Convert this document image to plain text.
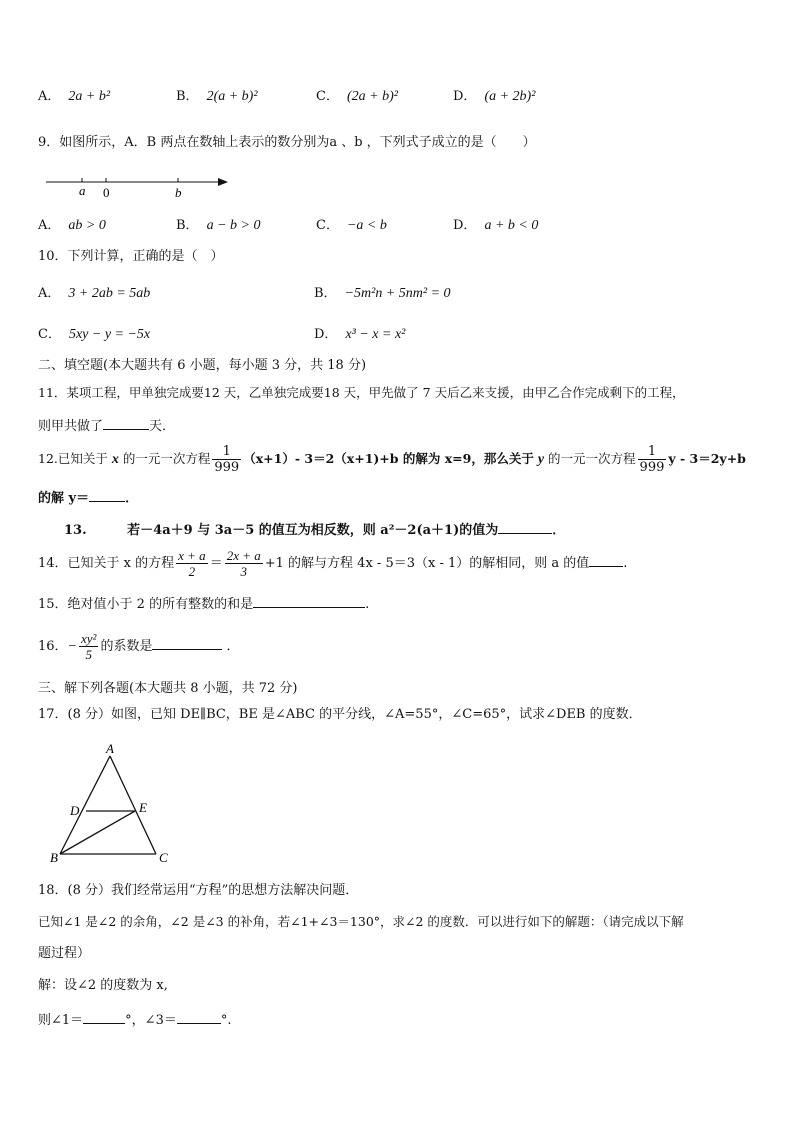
A． 2a + b²	B． 2(a + b)²	C． (2a + b)²	D． (a + 2b)²
9．如图所示，A．B 两点在数轴上表示的数分别为a 、b ，下列式子成立的是（　　）
a 0	b
A． ab > 0	B． a − b > 0	C． −a < b	D． a + b < 0
10．下列计算，正确的是（　）
A． 3 + 2ab = 5ab	B． −5m²n + 5nm² = 0
C． 5xy − y = −5x	D． x³ − x = x²
二、填空题(本大题共有 6 小题，每小题 3 分，共 18 分)
11．某项工程，甲单独完成要12 天，乙单独完成要18 天，甲先做了 7 天后乙来支援，由甲乙合作完成剩下的工程，
则甲共做了	天．
12.已知关于 x 的一元一次方程 $\frac{1}{999} (x+1)-$ 3＝2（x+1)+b 的解为 x=9，那么关于 y 的一元一次方程 $\frac{1}{999}$ y - 3＝2y+b
的解 y＝	．
13.	若－4a＋9 与 3a－5 的值互为相反数，则 a²－2(a＋1)的值为	．
14．已知关于 x 的方程 $\frac{x + a}{2} = \frac{2x + a}{3} +1$ 的解与方程 4x - 5＝3（x - 1）的解相同，则 a 的值	.
15．绝对值小于 2 的所有整数的和是	.
16．− $\frac{\text{xy²}}{5}$ 的系数是	．
三、解下列各题(本大题共 8 小题，共 72 分)
17．(8 分）如图，已知 DE∥BC，BE 是∠ABC 的平分线，∠A=55°，∠C=65°，试求∠DEB 的度数．
A
D	E
B	C
18．(8 分）我们经常运用“方程”的思想方法解决问题．
已知∠1 是∠2 的余角，∠2 是∠3 的补角，若∠1+∠3＝130°，求∠2 的度数．可以进行如下的解题：（请完成以下解
题过程）
解：设∠2 的度数为 x,
则∠1＝	°，∠3＝	°.
